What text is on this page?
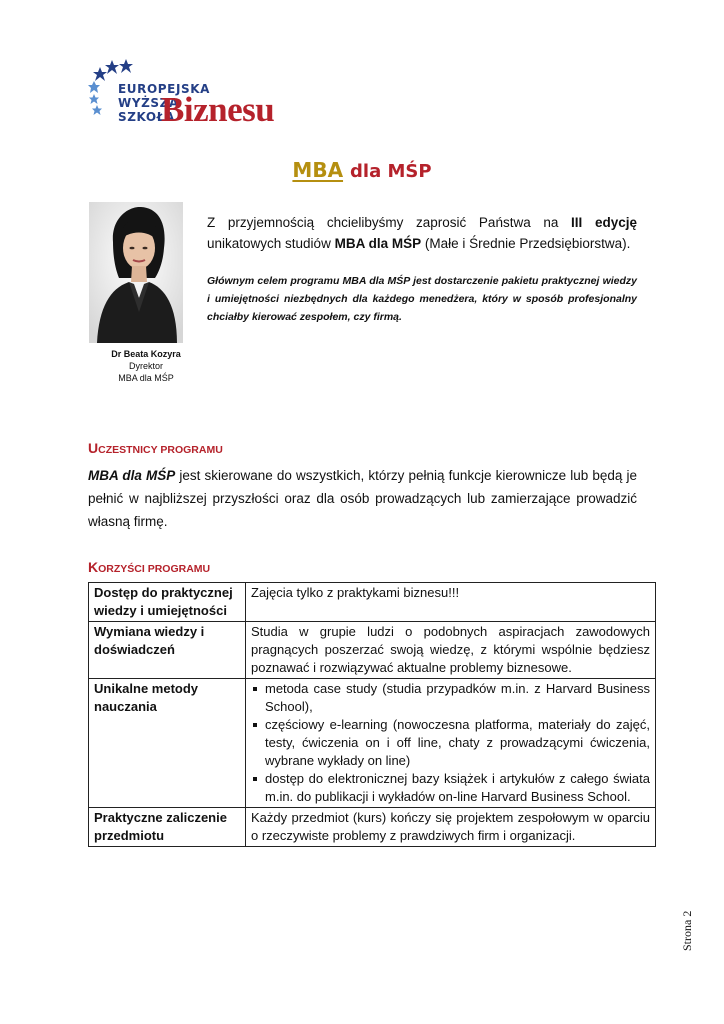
EUROPEJSKA
WYŻSZA
SZKOŁA
Biznesu
MBA dla MŚP
Dr Beata Kozyra
Dyrektor
MBA dla MŚP
Z przyjemnością chcielibyśmy zaprosić Państwa na III edycję unikatowych studiów MBA dla MŚP (Małe i Średnie Przedsiębiorstwa).
Głównym celem programu MBA dla MŚP jest dostarczenie pakietu praktycznej wiedzy i umiejętności niezbędnych dla każdego menedżera, który w sposób profesjonalny chciałby kierować zespołem, czy firmą.
UCZESTNICY PROGRAMU
MBA dla MŚP jest skierowane do wszystkich, którzy pełnią funkcje kierownicze lub będą je pełnić w najbliższej przyszłości oraz dla osób prowadzących lub zamierzające prowadzić własną firmę.
KORZYŚCI PROGRAMU
Dostęp do praktycznej wiedzy i umiejętności	Zajęcia tylko z praktykami biznesu!!!
Wymiana wiedzy i doświadczeń	Studia w grupie ludzi o podobnych aspiracjach zawodowych pragnących poszerzać swoją wiedzę, z którymi wspólnie będziesz poznawać i rozwiązywać aktualne problemy biznesowe.
Unikalne metody nauczania	metoda case study (studia przypadków m.in. z Harvard Business School),
częściowy e-learning (nowoczesna platforma, materiały do zajęć, testy, ćwiczenia on i off line, chaty z prowadzącymi ćwiczenia, wybrane wykłady on line)
dostęp do elektronicznej bazy książek i artykułów z całego świata m.in. do publikacji i wykładów on-line Harvard Business School.

Praktyczne zaliczenie przedmiotu	Każdy przedmiot (kurs) kończy się projektem zespołowym w oparciu o rzeczywiste problemy z prawdziwych firm i organizacji.
Strona 2
